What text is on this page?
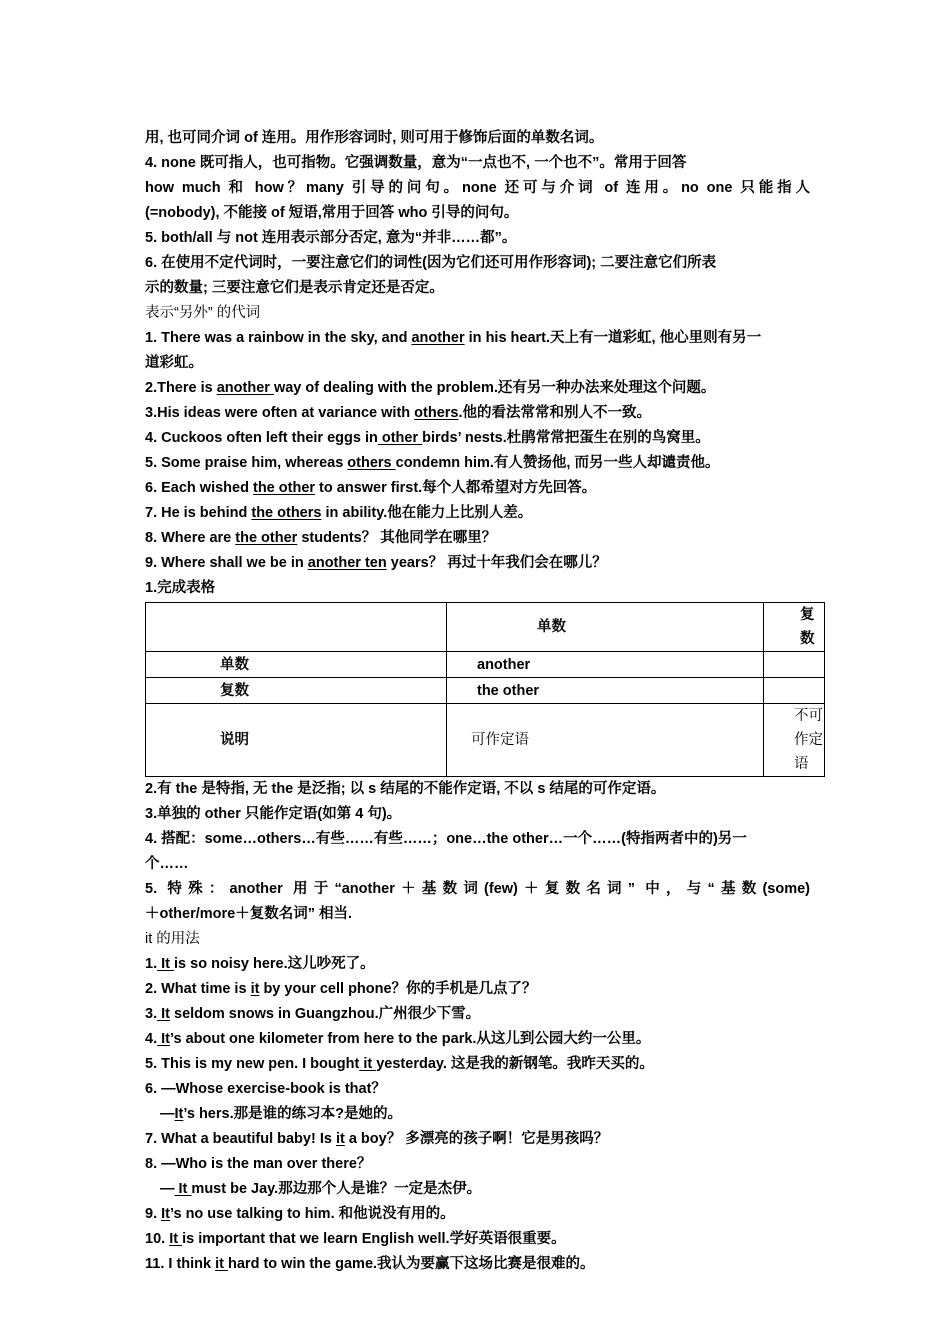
用, 也可同介词 of 连用。用作形容词时, 则可用于修饰后面的单数名词。
4. none 既可指人，也可指物。它强调数量，意为“一点也不, 一个也不”。常用于回答
how much 和 how？many 引导的问句。none 还可与介词 of 连用。no one 只能指人
(=nobody), 不能接 of 短语,常用于回答 who 引导的问句。
5. both/all 与 not 连用表示部分否定, 意为“并非……都”。
6. 在使用不定代词时，一要注意它们的词性(因为它们还可用作形容词); 二要注意它们所表
示的数量; 三要注意它们是表示肯定还是否定。
表示“另外” 的代词
1. There was a rainbow in the sky, and another in his heart.天上有一道彩虹, 他心里则有另一
道彩虹。
2.There is another way of dealing with the problem.还有另一种办法来处理这个问题。
3.His ideas were often at variance with others.他的看法常常和别人不一致。
4. Cuckoos often left their eggs in other birds’ nests.杜鹃常常把蛋生在别的鸟窝里。
5. Some praise him, whereas others condemn him.有人赞扬他, 而另一些人却谴责他。
6. Each wished the other to answer first.每个人都希望对方先回答。
7. He is behind the others in ability.他在能力上比别人差。
8. Where are the other students？ 其他同学在哪里？
9. Where shall we be in another ten years？ 再过十年我们会在哪儿？
1.完成表格
	单数	复数
单数	another	
复数	the other	
说明	可作定语	不可作定语
2.有 the 是特指, 无 the 是泛指; 以 s 结尾的不能作定语, 不以 s 结尾的可作定语。
3.单独的 other 只能作定语(如第 4 句)。
4. 搭配：some…others…有些……有些……；one…the other…一个……(特指两者中的)另一
个……
5. 特殊：another 用于“another＋基数词(few)＋复数名词” 中，与“基数(some)
＋other/more＋复数名词” 相当.
it 的用法
1. It is so noisy here.这儿吵死了。
2. What time is it by your cell phone？你的手机是几点了？
3. It seldom snows in Guangzhou.广州很少下雪。
4. It’s about one kilometer from here to the park.从这儿到公园大约一公里。
5. This is my new pen. I bought it yesterday. 这是我的新钢笔。我昨天买的。
6. —Whose exercise-book is that？
—It’s hers.那是谁的练习本?是她的。
7. What a beautiful baby! Is it a boy？ 多漂亮的孩子啊！它是男孩吗？
8. —Who is the man over there？
— It must be Jay.那边那个人是谁？一定是杰伊。
9. It’s no use talking to him. 和他说没有用的。
10. It is important that we learn English well.学好英语很重要。
11. I think it hard to win the game.我认为要赢下这场比赛是很难的。
